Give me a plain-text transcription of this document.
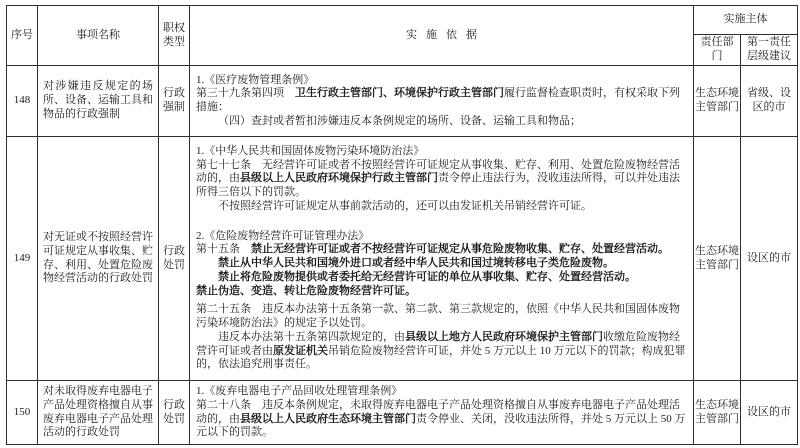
序号	事项名称	职权类型	实施依据	实施主体	
				责任部门	第一责任层级建议
148	对涉嫌违反规定的场所、设备、运输工具和物品的行政强制	行政强制	1.《医疗废物管理条例》
第三十九条第四项　卫生行政主管部门、环境保护行政主管部门履行监督检查职责时，有权采取下列措施：
（四）查封或者暂扣涉嫌违反本条例规定的场所、设备、运输工具和物品；	生态环境主管部门	省级、设区的市
149	对无证或不按照经营许可证规定从事收集、贮存、利用、处置危险废物经营活动的行政处罚	行政处罚	
1.《中华人民共和国固体废物污染环境防治法》
第七十七条　无经营许可证或者不按照经营许可证规定从事收集、贮存、利用、处置危险废物经营活动的，由县级以上人民政府环境保护行政主管部门责令停止违法行为，没收违法所得，可以并处违法所得三倍以下的罚款。
不按照经营许可证规定从事前款活动的，还可以由发证机关吊销经营许可证。
2.《危险废物经营许可证管理办法》
第十五条　禁止无经营许可证或者不按经营许可证规定从事危险废物收集、贮存、处置经营活动。
禁止从中华人民共和国境外进口或者经中华人民共和国过境转移电子类危险废物。
禁止将危险废物提供或者委托给无经营许可证的单位从事收集、贮存、处置经营活动。
禁止伪造、变造、转让危险废物经营许可证。
第二十五条　违反本办法第十五条第一款、第二款、第三款规定的，依照《中华人民共和国固体废物污染环境防治法》的规定予以处罚。
违反本办法第十五条第四款规定的，由县级以上地方人民政府环境保护主管部门收缴危险废物经营许可证或者由原发证机关吊销危险废物经营许可证，并处 5 万元以上 10 万元以下的罚款；构成犯罪的，依法追究刑事责任。
	生态环境主管部门	设区的市
150	对未取得废弃电器电子产品处理资格擅自从事废弃电器电子产品处理活动的行政处罚	行政处罚	1.《废弃电器电子产品回收处理管理条例》
第二十八条　违反本条例规定，未取得废弃电器电子产品处理资格擅自从事废弃电器电子产品处理活动的，由县级以上人民政府生态环境主管部门责令停业、关闭，没收违法所得，并处 5 万元以上 50 万元以下的罚款。	生态环境主管部门	设区的市
